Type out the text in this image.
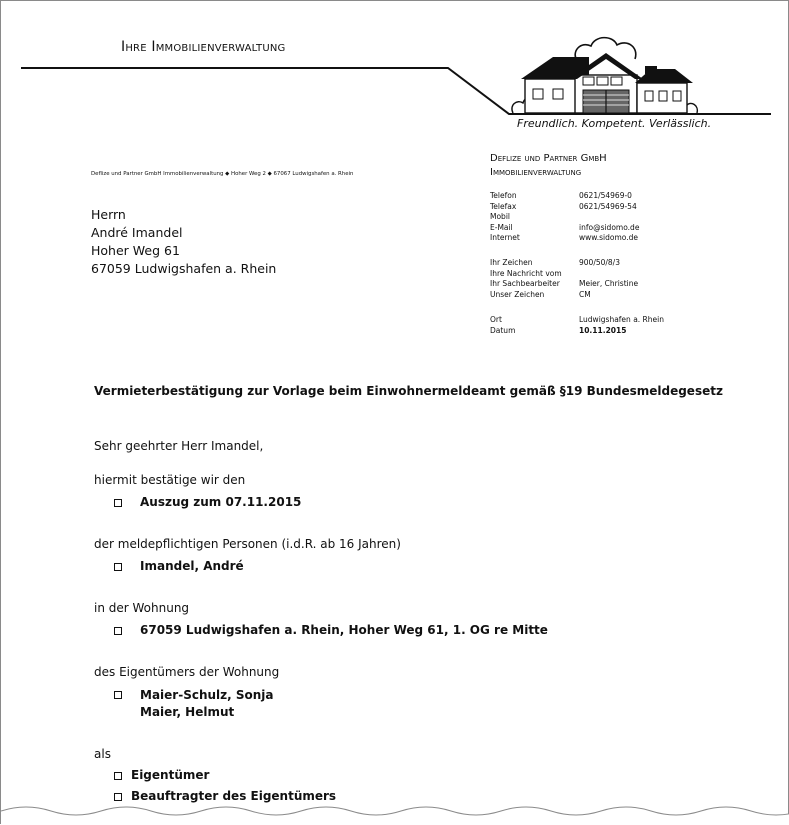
Ihre Immobilienverwaltung
Freundlich. Kompetent. Verlässlich.
Deflize und Partner GmbH Immobilienverwaltung ◆ Hoher Weg 2 ◆ 67067 Ludwigshafen a. Rhein
Herrn
André Imandel
Hoher Weg 61
67059 Ludwigshafen a. Rhein
Deflize und Partner GmbH
Immobilienverwaltung
Telefon	0621/54969-0
Telefax	0621/54969-54
Mobil
E-Mail	info@sidomo.de
Internet	www.sidomo.de
Ihr Zeichen	900/50/8/3
Ihre Nachricht vom
Ihr Sachbearbeiter	Meier, Christine
Unser Zeichen	CM
Ort	Ludwigshafen a. Rhein
Datum	10.11.2015
Vermieterbestätigung zur Vorlage beim Einwohnermeldeamt gemäß §19 Bundesmeldegesetz
Sehr geehrter Herr Imandel,
hiermit bestätige wir den
Auszug zum 07.11.2015
der meldepflichtigen Personen (i.d.R. ab 16 Jahren)
Imandel, André
in der Wohnung
67059 Ludwigshafen a. Rhein, Hoher Weg 61, 1. OG re Mitte
des Eigentümers der Wohnung
Maier-Schulz, Sonja
Maier, Helmut
als
Eigentümer
Beauftragter des Eigentümers
